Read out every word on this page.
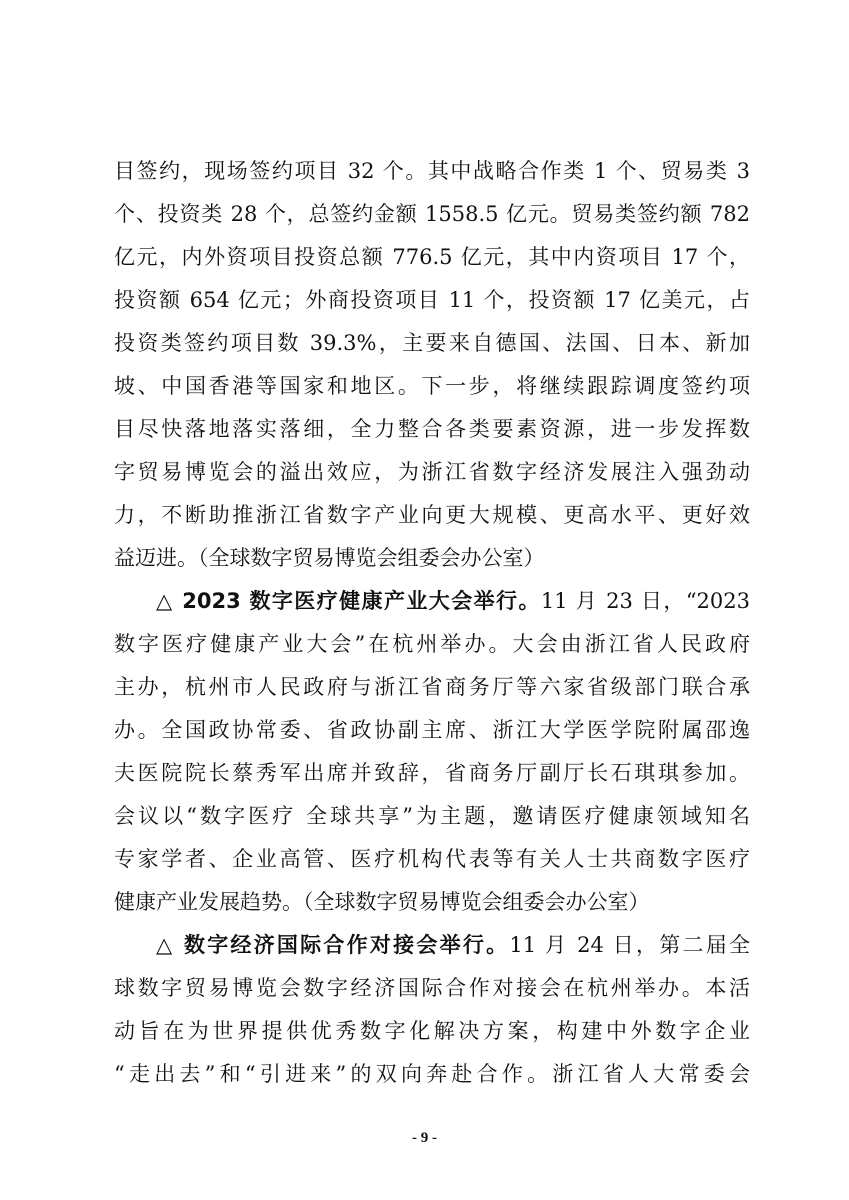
目签约，现场签约项目 32 个。其中战略合作类 1 个、贸易类 3
个、投资类 28 个，总签约金额 1558.5 亿元。贸易类签约额 782
亿元，内外资项目投资总额 776.5 亿元，其中内资项目 17 个，
投资额 654 亿元；外商投资项目 11 个，投资额 17 亿美元，占
投资类签约项目数 39.3%，主要来自德国、法国、日本、新加
坡、中国香港等国家和地区。下一步，将继续跟踪调度签约项
目尽快落地落实落细，全力整合各类要素资源，进一步发挥数
字贸易博览会的溢出效应，为浙江省数字经济发展注入强劲动
力，不断助推浙江省数字产业向更大规模、更高水平、更好效
益迈进。（全球数字贸易博览会组委会办公室）
△ 2023 数字医疗健康产业大会举行。11 月 23 日，“2023
数字医疗健康产业大会”在杭州举办。大会由浙江省人民政府
主办，杭州市人民政府与浙江省商务厅等六家省级部门联合承
办。全国政协常委、省政协副主席、浙江大学医学院附属邵逸
夫医院院长蔡秀军出席并致辞，省商务厅副厅长石琪琪参加。
会议以“数字医疗 全球共享”为主题，邀请医疗健康领域知名
专家学者、企业高管、医疗机构代表等有关人士共商数字医疗
健康产业发展趋势。（全球数字贸易博览会组委会办公室）
△ 数字经济国际合作对接会举行。11 月 24 日，第二届全
球数字贸易博览会数字经济国际合作对接会在杭州举办。本活
动旨在为世界提供优秀数字化解决方案，构建中外数字企业
“走出去”和“引进来”的双向奔赴合作。浙江省人大常委会
- 9 -
